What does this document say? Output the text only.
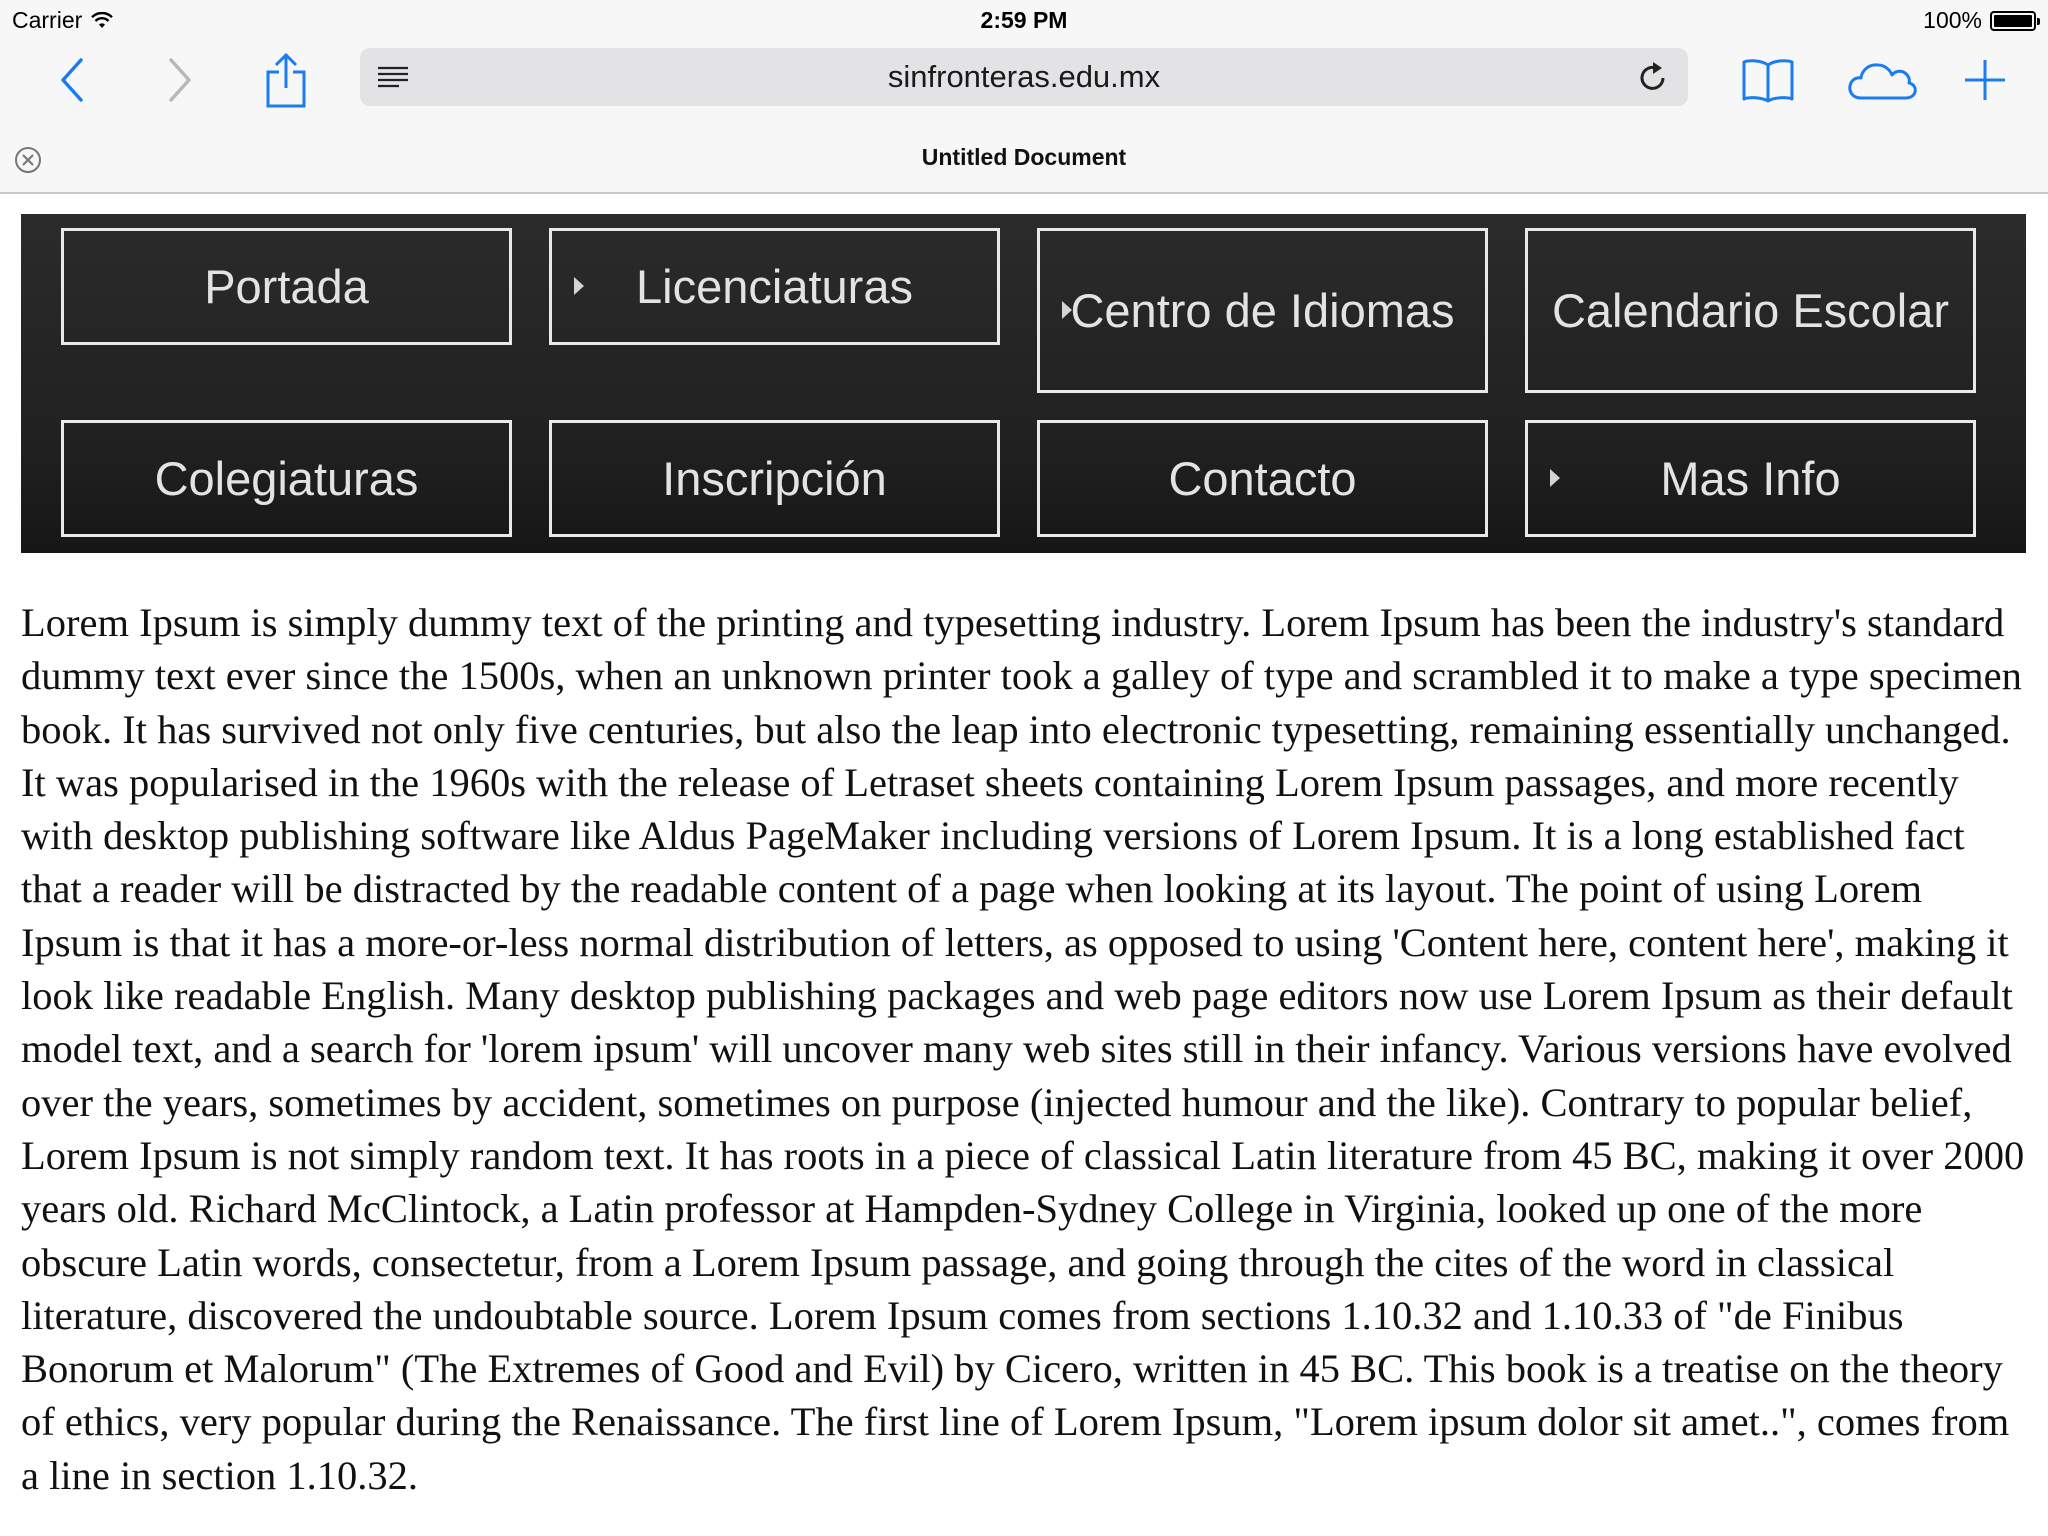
Carrier	2:59 PM	100%
sinfronteras.edu.mx
Untitled Document
Portada	Licenciaturas	Centro de Idiomas	Calendario Escolar
Colegiaturas	Inscripción	Contacto	Mas Info

Lorem Ipsum is simply dummy text of the printing and typesetting industry. Lorem Ipsum has been the industry's standard dummy text ever since the 1500s, when an unknown printer took a galley of type and scrambled it to make a type specimen book. It has survived not only five centuries, but also the leap into electronic typesetting, remaining essentially unchanged. It was popularised in the 1960s with the release of Letraset sheets containing Lorem Ipsum passages, and more recently with desktop publishing software like Aldus PageMaker including versions of Lorem Ipsum. It is a long established fact that a reader will be distracted by the readable content of a page when looking at its layout. The point of using Lorem Ipsum is that it has a more-or-less normal distribution of letters, as opposed to using 'Content here, content here', making it look like readable English. Many desktop publishing packages and web page editors now use Lorem Ipsum as their default model text, and a search for 'lorem ipsum' will uncover many web sites still in their infancy. Various versions have evolved over the years, sometimes by accident, sometimes on purpose (injected humour and the like). Contrary to popular belief, Lorem Ipsum is not simply random text. It has roots in a piece of classical Latin literature from 45 BC, making it over 2000 years old. Richard McClintock, a Latin professor at Hampden-Sydney College in Virginia, looked up one of the more obscure Latin words, consectetur, from a Lorem Ipsum passage, and going through the cites of the word in classical literature, discovered the undoubtable source. Lorem Ipsum comes from sections 1.10.32 and 1.10.33 of "de Finibus Bonorum et Malorum" (The Extremes of Good and Evil) by Cicero, written in 45 BC. This book is a treatise on the theory of ethics, very popular during the Renaissance. The first line of Lorem Ipsum, "Lorem ipsum dolor sit amet..", comes from a line in section 1.10.32.
